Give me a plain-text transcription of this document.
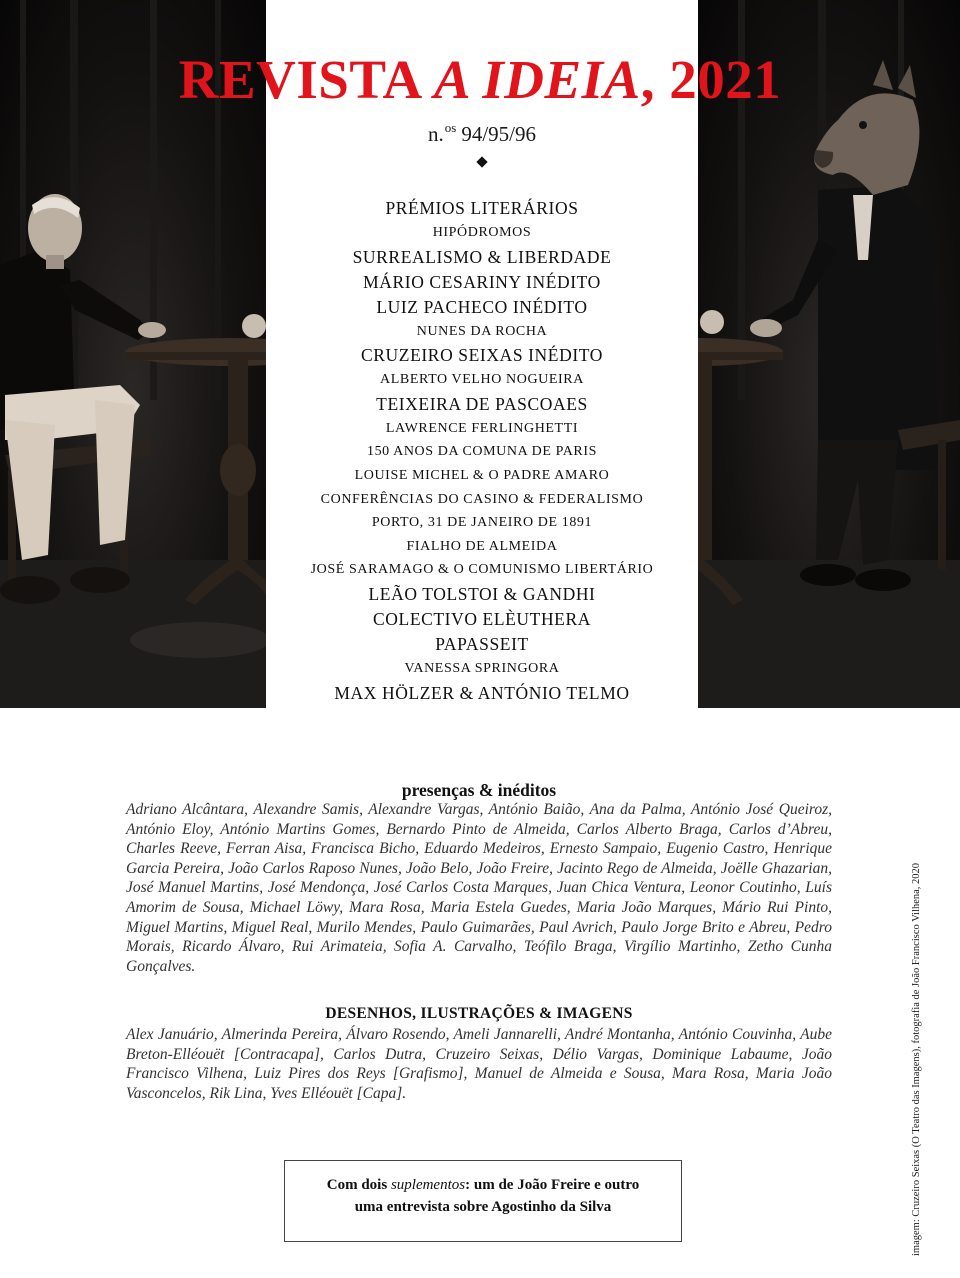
REVISTA A IDEIA, 2021
n.$^{os}$ 94/95/96
PRÉMIOS LITERÁRIOS
HIPÓDROMOS
SURREALISMO & LIBERDADE
MÁRIO CESARINY INÉDITO
LUIZ PACHECO INÉDITO
NUNES DA ROCHA
CRUZEIRO SEIXAS INÉDITO
ALBERTO VELHO NOGUEIRA
TEIXEIRA DE PASCOAES
LAWRENCE FERLINGHETTI
150 ANOS DA COMUNA DE PARIS
LOUISE MICHEL & O PADRE AMARO
CONFERÊNCIAS DO CASINO & FEDERALISMO
PORTO, 31 DE JANEIRO DE 1891
FIALHO DE ALMEIDA
JOSÉ SARAMAGO & O COMUNISMO LIBERTÁRIO
LEÃO TOLSTOI & GANDHI
COLECTIVO ELÈUTHERA
PAPASSEIT
VANESSA SPRINGORA
MAX HÖLZER & ANTÓNIO TELMO
presenças & inéditos

Adriano Alcântara, Alexandre Samis, Alexandre Vargas, António Baião, Ana da Palma, António José Queiroz, António Eloy, António Martins Gomes, Bernardo Pinto de Almeida, Carlos Alberto Braga, Carlos d’Abreu, Charles Reeve, Ferran Aisa, Francisca Bicho, Eduardo Medeiros, Ernesto Sampaio, Eugenio Castro, Henrique Garcia Pereira, João Carlos Raposo Nunes, João Belo, João Freire, Jacinto Rego de Almeida, Joëlle Ghazarian, José Manuel Martins, José Mendonça, José Carlos Costa Marques, Juan Chica Ventura, Leonor Coutinho, Luís Amorim de Sousa, Michael Löwy, Mara Rosa, Maria Estela Guedes, Maria João Marques, Mário Rui Pinto, Miguel Martins, Miguel Real, Murilo Mendes, Paulo Guimarães, Paul Avrich, Paulo Jorge Brito e Abreu, Pedro Morais, Ricardo Álvaro, Rui Arimateia, Sofia A. Carvalho, Teófilo Braga, Virgílio Martinho, Zetho Cunha Gonçalves.

DESENHOS, ILUSTRAÇÕES & IMAGENS

Alex Januário, Almerinda Pereira, Álvaro Rosendo, Ameli Jannarelli, André Montanha, António Couvinha, Aube Breton-Elléouët [Contracapa], Carlos Dutra, Cruzeiro Seixas, Délio Vargas, Dominique Labaume, João Francisco Vilhena, Luiz Pires dos Reys [Grafismo], Manuel de Almeida e Sousa, Mara Rosa, Maria João Vasconcelos, Rik Lina, Yves Elléouët [Capa].

Com dois suplementos: um de João Freire e outro
uma entrevista sobre Agostinho da Silva	imagem: Cruzeiro Seixas (O Teatro das Imagens), fotografia de João Francisco Vilhena, 2020
